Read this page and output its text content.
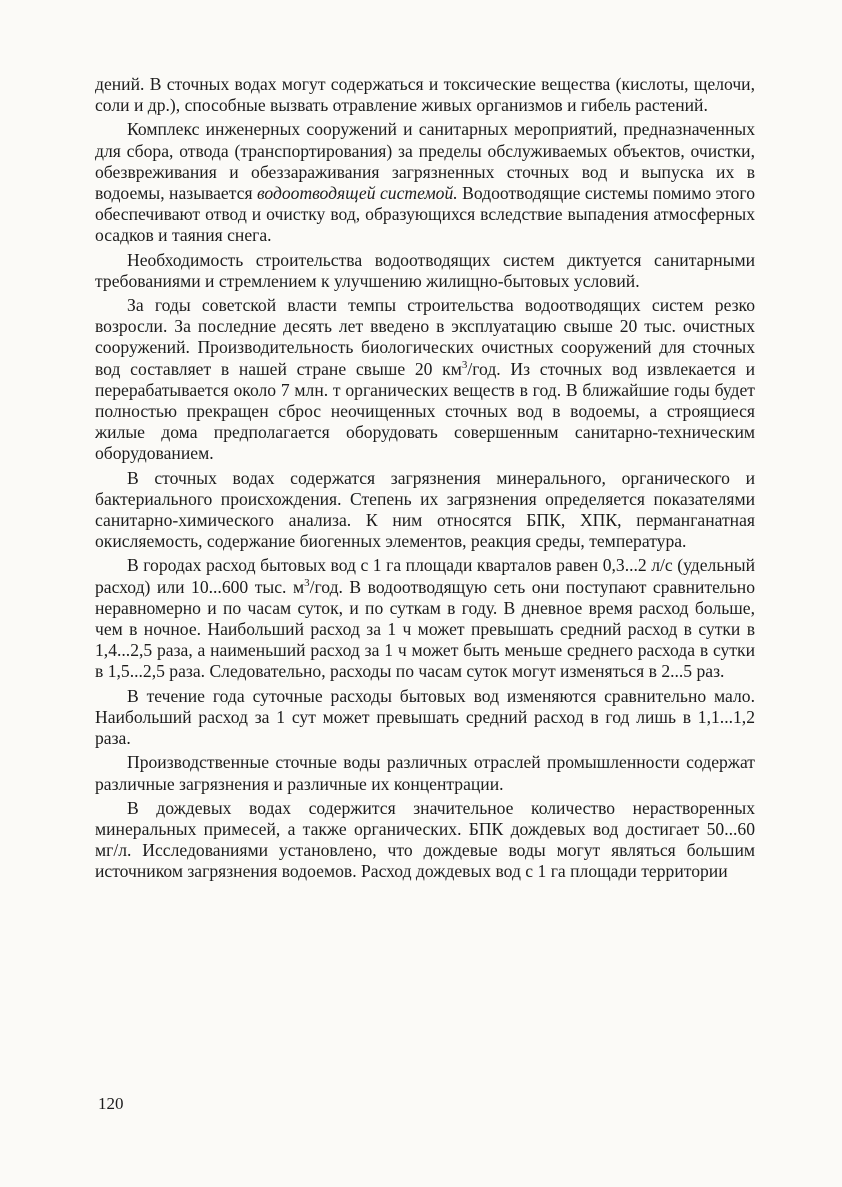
дений. В сточных водах могут содержаться и токсические вещества (кислоты, щелочи, соли и др.), способные вызвать отравление живых организмов и гибель растений.

Комплекс инженерных сооружений и санитарных мероприятий, предназначенных для сбора, отвода (транспортирования) за пределы обслуживаемых объектов, очистки, обезвреживания и обеззараживания загрязненных сточных вод и выпуска их в водоемы, называется водоотводящей системой. Водоотводящие системы помимо этого обеспечивают отвод и очистку вод, образующихся вследствие выпадения атмосферных осадков и таяния снега.

Необходимость строительства водоотводящих систем диктуется санитарными требованиями и стремлением к улучшению жилищно-бытовых условий.

За годы советской власти темпы строительства водоотводящих систем резко возросли. За последние десять лет введено в эксплуатацию свыше 20 тыс. очистных сооружений. Производительность биологических очистных сооружений для сточных вод составляет в нашей стране свыше 20 $км^3$/год. Из сточных вод извлекается и перерабатывается около 7 млн. т органических веществ в год. В ближайшие годы будет полностью прекращен сброс неочищенных сточных вод в водоемы, а строящиеся жилые дома предполагается оборудовать совершенным санитарно-техническим оборудованием.

В сточных водах содержатся загрязнения минерального, органического и бактериального происхождения. Степень их загрязнения определяется показателями санитарно-химического анализа. К ним относятся БПК, ХПК, перманганатная окисляемость, содержание биогенных элементов, реакция среды, температура.

В городах расход бытовых вод с 1 га площади кварталов равен 0,3...2 л/с (удельный расход) или 10...600 тыс. $м^3$/год. В водоотводящую сеть они поступают сравнительно неравномерно и по часам суток, и по суткам в году. В дневное время расход больше, чем в ночное. Наибольший расход за 1 ч может превышать средний расход в сутки в 1,4...2,5 раза, а наименьший расход за 1 ч может быть меньше среднего расхода в сутки в 1,5...2,5 раза. Следовательно, расходы по часам суток могут изменяться в 2...5 раз.

В течение года суточные расходы бытовых вод изменяются сравнительно мало. Наибольший расход за 1 сут может превышать средний расход в год лишь в 1,1...1,2 раза.

Производственные сточные воды различных отраслей промышленности содержат различные загрязнения и различные их концентрации.

В дождевых водах содержится значительное количество нерастворенных минеральных примесей, а также органических. БПК дождевых вод достигает 50...60 мг/л. Исследованиями установлено, что дождевые воды могут являться большим источником загрязнения водоемов. Расход дождевых вод с 1 га площади территории

120
